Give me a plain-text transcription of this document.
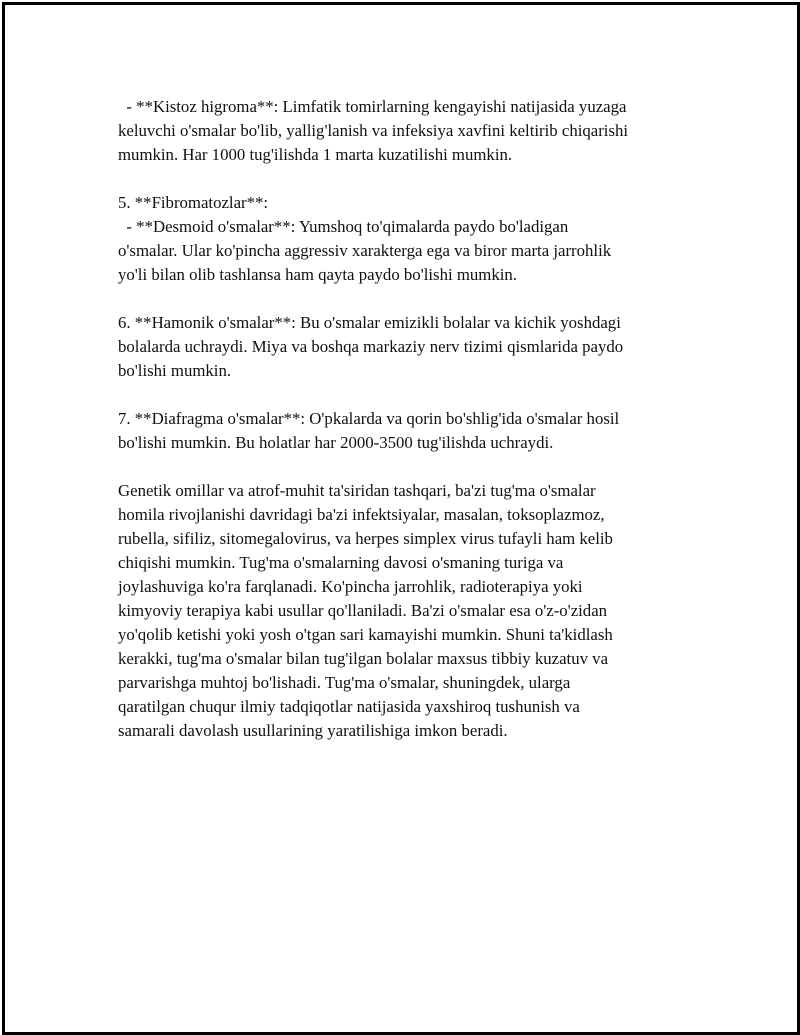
- **Kistoz higroma**: Limfatik tomirlarning kengayishi natijasida yuzaga
keluvchi o'smalar bo'lib, yallig'lanish va infeksiya xavfini keltirib chiqarishi
mumkin. Har 1000 tug'ilishda 1 marta kuzatilishi mumkin.
5. **Fibromatozlar**:
- **Desmoid o'smalar**: Yumshoq to'qimalarda paydo bo'ladigan
o'smalar. Ular ko'pincha aggressiv xarakterga ega va biror marta jarrohlik
yo'li bilan olib tashlansa ham qayta paydo bo'lishi mumkin.
6. **Hamonik o'smalar**: Bu o'smalar emizikli bolalar va kichik yoshdagi
bolalarda uchraydi. Miya va boshqa markaziy nerv tizimi qismlarida paydo
bo'lishi mumkin.
7. **Diafragma o'smalar**: O'pkalarda va qorin bo'shlig'ida o'smalar hosil
bo'lishi mumkin. Bu holatlar har 2000-3500 tug'ilishda uchraydi.
Genetik omillar va atrof-muhit ta'siridan tashqari, ba'zi tug'ma o'smalar
homila rivojlanishi davridagi ba'zi infektsiyalar, masalan, toksoplazmoz,
rubella, sifiliz, sitomegalovirus, va herpes simplex virus tufayli ham kelib
chiqishi mumkin. Tug'ma o'smalarning davosi o'smaning turiga va
joylashuviga ko'ra farqlanadi. Ko'pincha jarrohlik, radioterapiya yoki
kimyoviy terapiya kabi usullar qo'llaniladi. Ba'zi o'smalar esa o'z-o'zidan
yo'qolib ketishi yoki yosh o'tgan sari kamayishi mumkin. Shuni ta'kidlash
kerakki, tug'ma o'smalar bilan tug'ilgan bolalar maxsus tibbiy kuzatuv va
parvarishga muhtoj bo'lishadi. Tug'ma o'smalar, shuningdek, ularga
qaratilgan chuqur ilmiy tadqiqotlar natijasida yaxshiroq tushunish va
samarali davolash usullarining yaratilishiga imkon beradi.
